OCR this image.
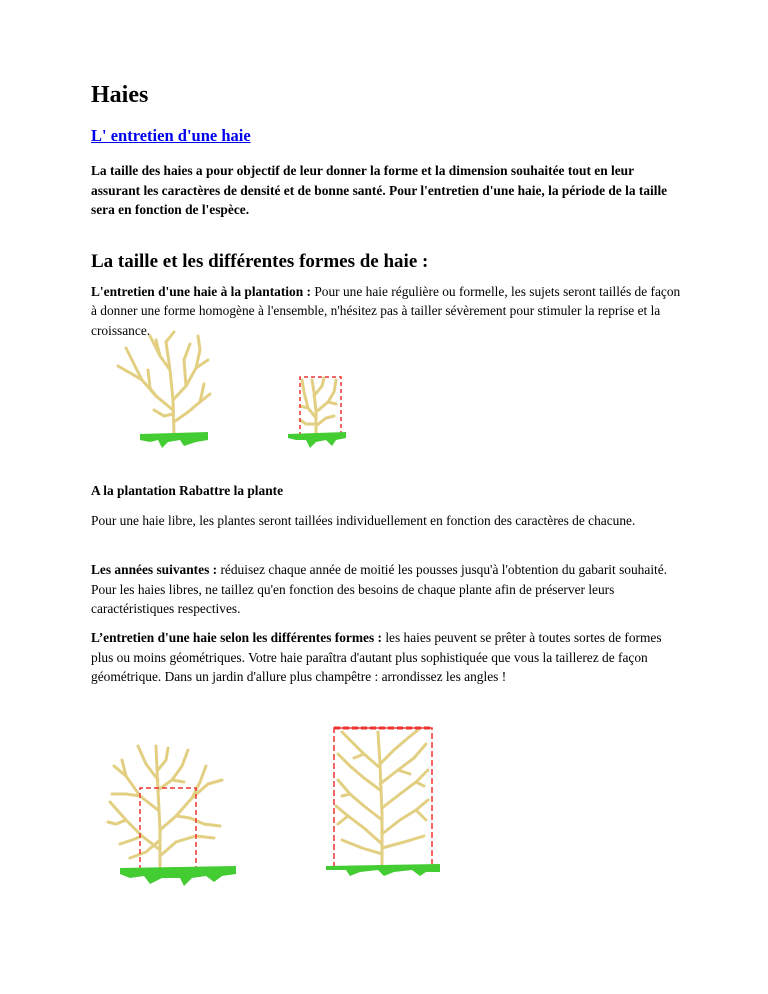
Haies
L' entretien d'une haie

La taille des haies a pour objectif de leur donner la forme et la dimension souhaitée tout en leur assurant les caractères de densité et de bonne santé. Pour l'entretien d'une haie, la période de la taille sera en fonction de l'espèce.

La taille et les différentes formes de haie :

L'entretien d'une haie à la plantation : Pour une haie régulière ou formelle, les sujets seront taillés de façon à donner une forme homogène à l'ensemble, n'hésitez pas à tailler sévèrement pour stimuler la reprise et la croissance.

A la plantation Rabattre la plante

Pour une haie libre, les plantes seront taillées individuellement en fonction des caractères de chacune.

Les années suivantes : réduisez chaque année de moitié les pousses jusqu'à l'obtention du gabarit souhaité. Pour les haies libres, ne taillez qu'en fonction des besoins de chaque plante afin de préserver leurs caractéristiques respectives.

L’entretien d'une haie selon les différentes formes : les haies peuvent se prêter à toutes sortes de formes plus ou moins géométriques. Votre haie paraîtra d'autant plus sophistiquée que vous la taillerez de façon géométrique. Dans un jardin d'allure plus champêtre : arrondissez les angles !
